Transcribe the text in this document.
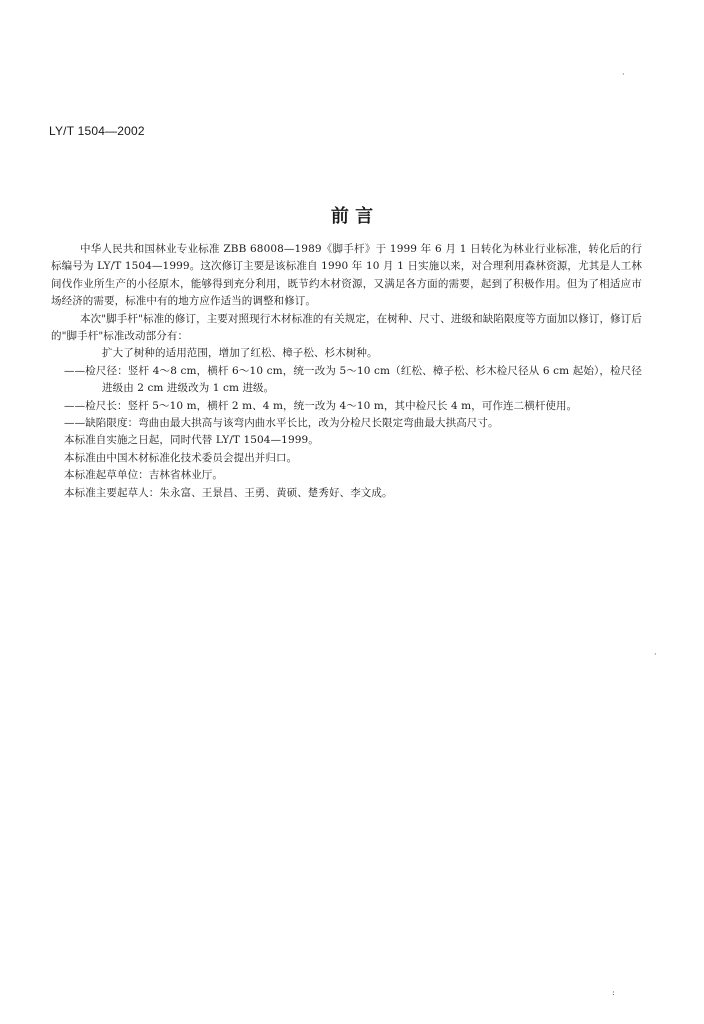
LY/T 1504—2002
前 言

中华人民共和国林业专业标准 ZBB 68008—1989《脚手杆》于 1999 年 6 月 1 日转化为林业行业标准，转化后的行标编号为 LY/T 1504—1999。这次修订主要是该标准自 1990 年 10 月 1 日实施以来，对合理利用森林资源，尤其是人工林间伐作业所生产的小径原木，能够得到充分利用，既节约木材资源，又满足各方面的需要，起到了积极作用。但为了相适应市场经济的需要，标准中有的地方应作适当的调整和修订。

本次"脚手杆"标准的修订，主要对照现行木材标准的有关规定，在树种、尺寸、进级和缺陷限度等方面加以修订，修订后的"脚手杆"标准改动部分有：

扩大了树种的适用范围，增加了红松、樟子松、杉木树种。

——检尺径：竖杆 4～8 cm，横杆 6～10 cm，统一改为 5～10 cm（红松、樟子松、杉木检尺径从 6 cm 起始），检尺径进级由 2 cm 进级改为 1 cm 进级。

——检尺长：竖杆 5～10 m，横杆 2 m、4 m，统一改为 4～10 m，其中检尺长 4 m，可作连二横杆使用。

——缺陷限度：弯曲由最大拱高与该弯内曲水平长比，改为分检尺长限定弯曲最大拱高尺寸。

本标准自实施之日起，同时代替 LY/T 1504—1999。

本标准由中国木材标准化技术委员会提出并归口。

本标准起草单位：吉林省林业厅。

本标准主要起草人：朱永富、王景昌、王勇、黄硕、楚秀好、李文成。

·
·
:
